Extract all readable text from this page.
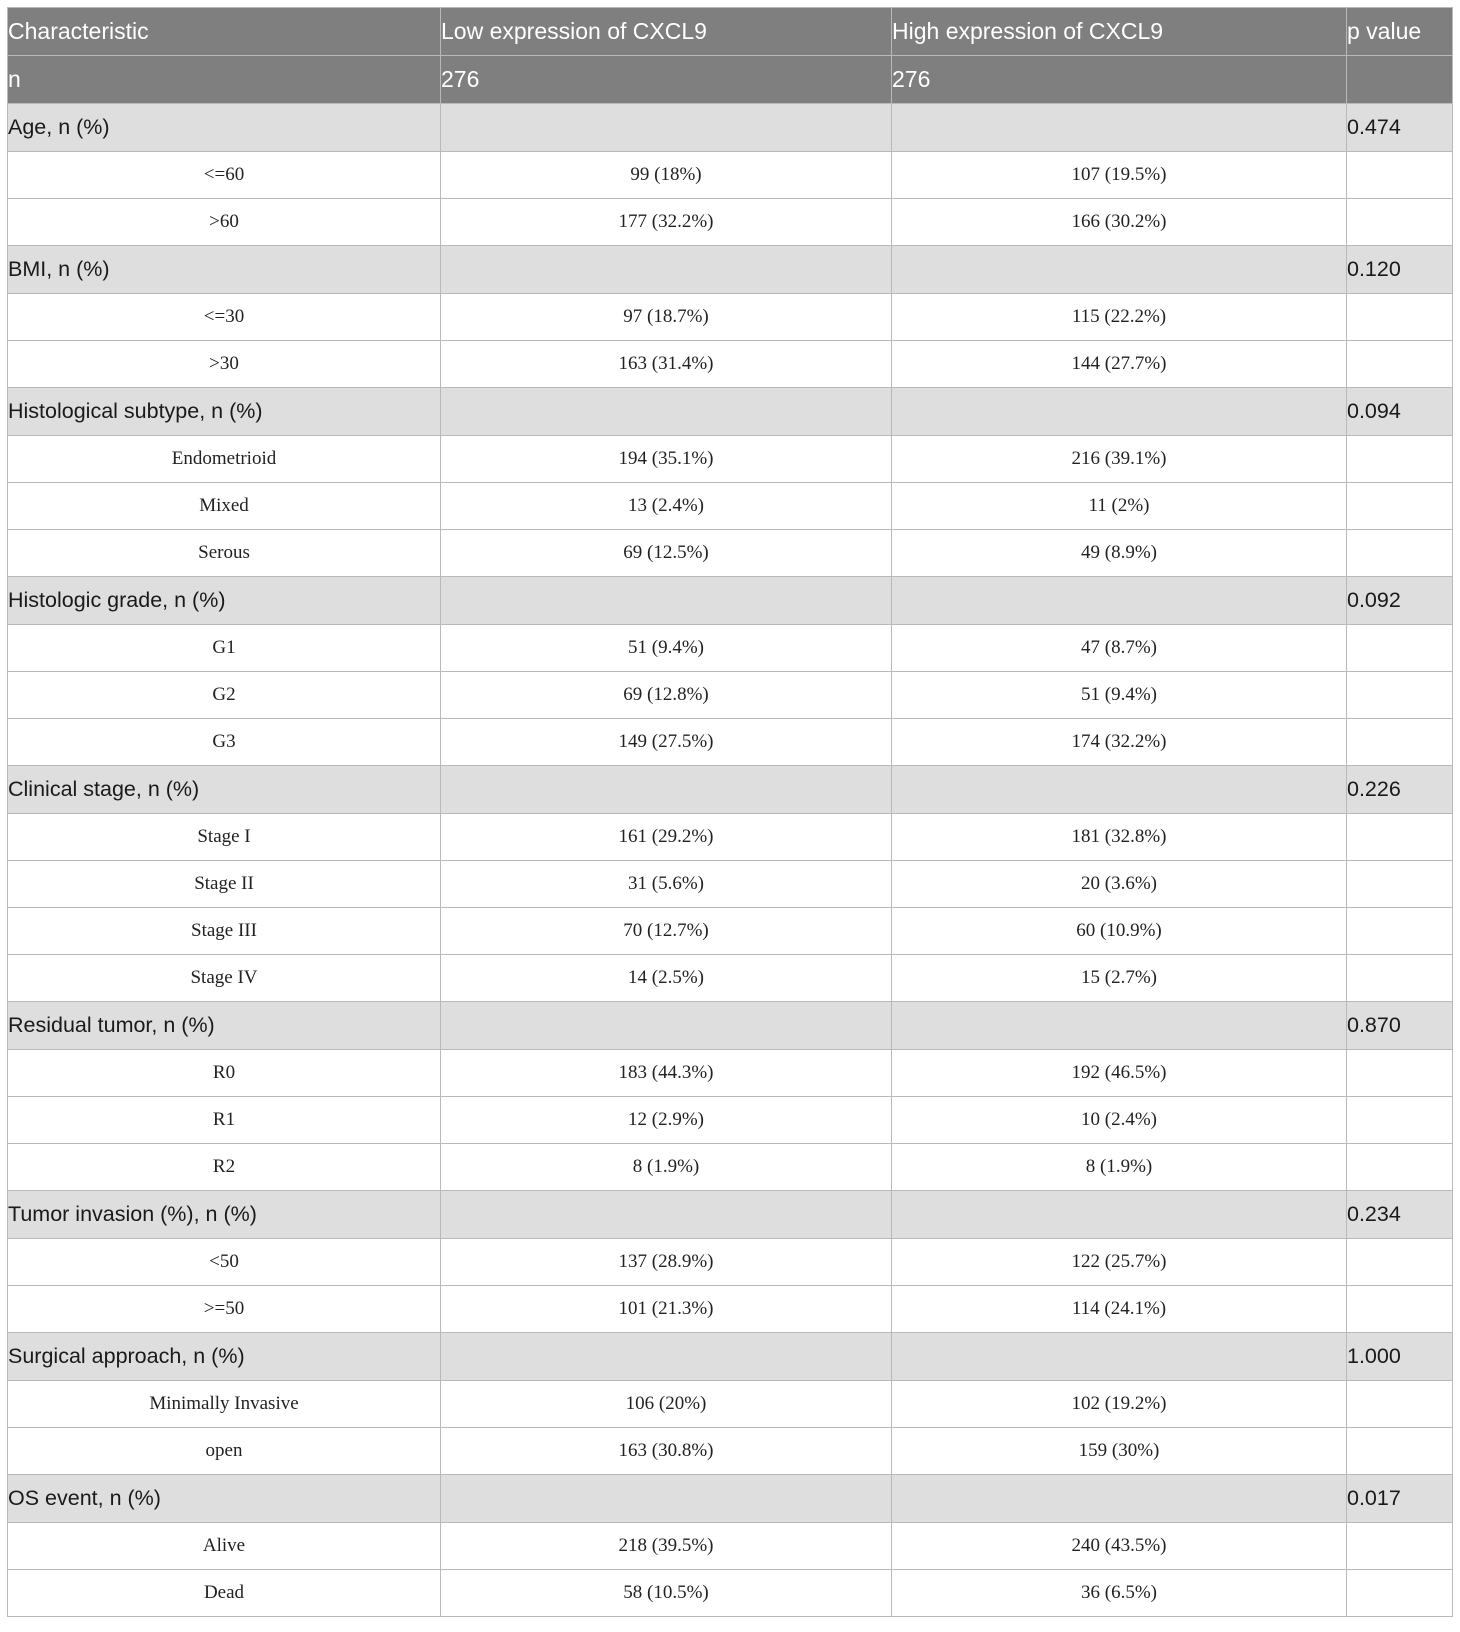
Characteristic	Low expression of CXCL9	High expression of CXCL9	p value
n	276	276	
Age, n (%)			0.474
<=60	99 (18%)	107 (19.5%)	
>60	177 (32.2%)	166 (30.2%)	
BMI, n (%)			0.120
<=30	97 (18.7%)	115 (22.2%)	
>30	163 (31.4%)	144 (27.7%)	
Histological subtype, n (%)			0.094
Endometrioid	194 (35.1%)	216 (39.1%)	
Mixed	13 (2.4%)	11 (2%)	
Serous	69 (12.5%)	49 (8.9%)	
Histologic grade, n (%)			0.092
G1	51 (9.4%)	47 (8.7%)	
G2	69 (12.8%)	51 (9.4%)	
G3	149 (27.5%)	174 (32.2%)	
Clinical stage, n (%)			0.226
Stage I	161 (29.2%)	181 (32.8%)	
Stage II	31 (5.6%)	20 (3.6%)	
Stage III	70 (12.7%)	60 (10.9%)	
Stage IV	14 (2.5%)	15 (2.7%)	
Residual tumor, n (%)			0.870
R0	183 (44.3%)	192 (46.5%)	
R1	12 (2.9%)	10 (2.4%)	
R2	8 (1.9%)	8 (1.9%)	
Tumor invasion (%), n (%)			0.234
<50	137 (28.9%)	122 (25.7%)	
>=50	101 (21.3%)	114 (24.1%)	
Surgical approach, n (%)			1.000
Minimally Invasive	106 (20%)	102 (19.2%)	
open	163 (30.8%)	159 (30%)	
OS event, n (%)			0.017
Alive	218 (39.5%)	240 (43.5%)	
Dead	58 (10.5%)	36 (6.5%)	
